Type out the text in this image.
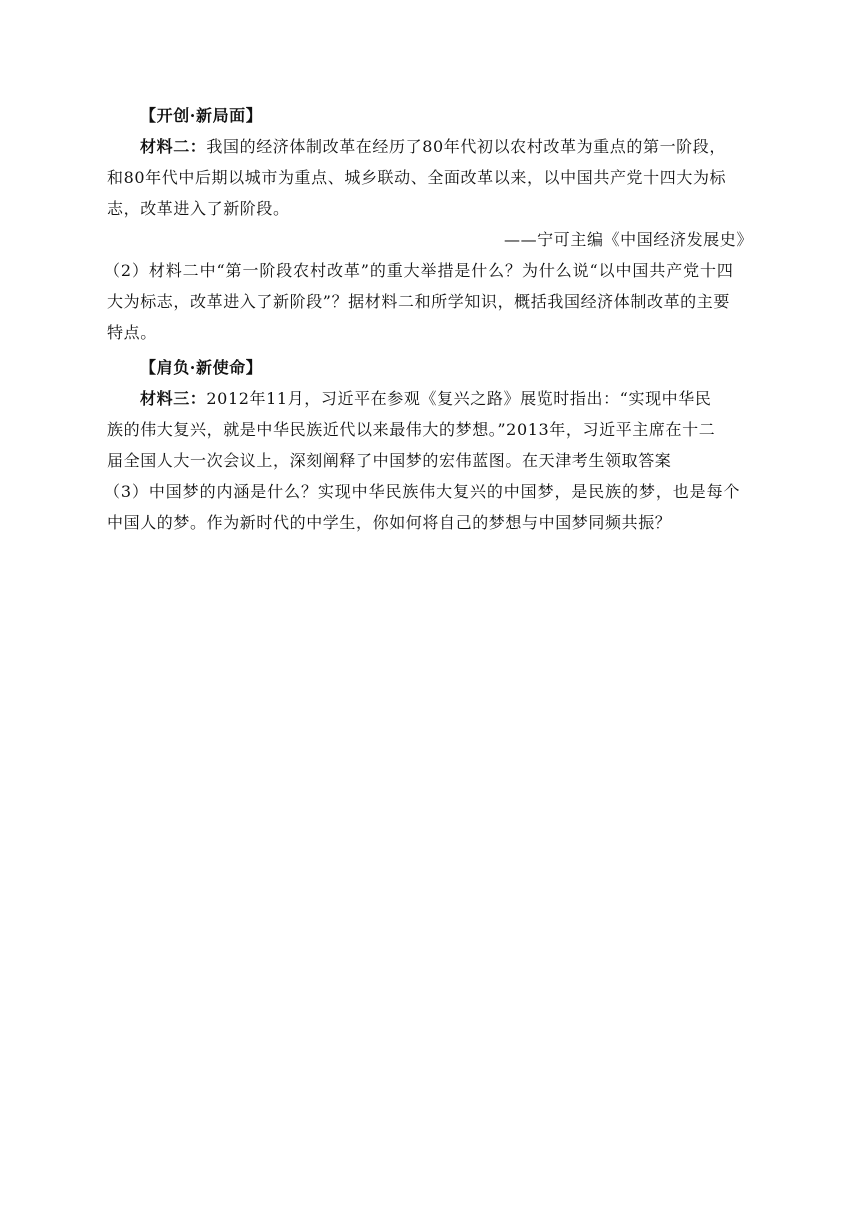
【开创·新局面】
材料二：我国的经济体制改革在经历了80年代初以农村改革为重点的第一阶段，
和80年代中后期以城市为重点、城乡联动、全面改革以来，以中国共产党十四大为标
志，改革进入了新阶段。
——宁可主编《中国经济发展史》
（2）材料二中“第一阶段农村改革”的重大举措是什么？为什么说“以中国共产党十四
大为标志，改革进入了新阶段”？据材料二和所学知识，概括我国经济体制改革的主要
特点。
【肩负·新使命】
材料三：2012年11月，习近平在参观《复兴之路》展览时指出：“实现中华民
族的伟大复兴，就是中华民族近代以来最伟大的梦想。”2013年，习近平主席在十二
届全国人大一次会议上，深刻阐释了中国梦的宏伟蓝图。在天津考生领取答案
（3）中国梦的内涵是什么？实现中华民族伟大复兴的中国梦，是民族的梦，也是每个
中国人的梦。作为新时代的中学生，你如何将自己的梦想与中国梦同频共振？
